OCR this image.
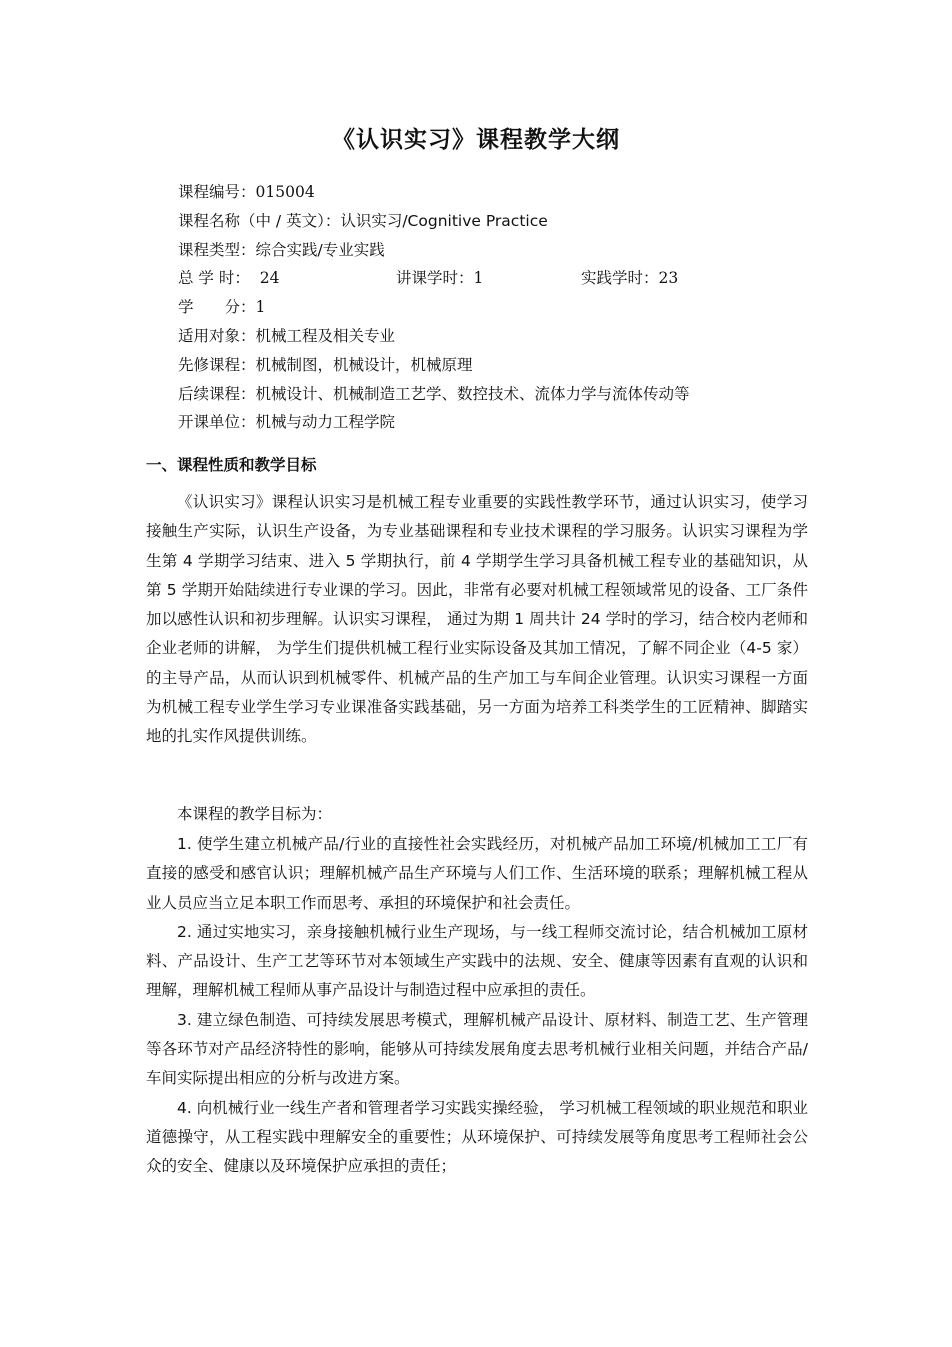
《认识实习》课程教学大纲
课程编号：015004
课程名称（中 / 英文）：认识实习/Cognitive Practice
课程类型：综合实践/专业实践
总 学 时： 24	讲课学时：1	实践学时：23
学　　分：1
适用对象：机械工程及相关专业
先修课程：机械制图，机械设计，机械原理
后续课程：机械设计、机械制造工艺学、数控技术、流体力学与流体传动等
开课单位：机械与动力工程学院
一、课程性质和教学目标

《认识实习》课程认识实习是机械工程专业重要的实践性教学环节，通过认识实习，使学习接触生产实际，认识生产设备，为专业基础课程和专业技术课程的学习服务。认识实习课程为学生第 4 学期学习结束、进入 5 学期执行，前 4 学期学生学习具备机械工程专业的基础知识，从第 5 学期开始陆续进行专业课的学习。因此，非常有必要对机械工程领域常见的设备、工厂条件加以感性认识和初步理解。认识实习课程， 通过为期 1 周共计 24 学时的学习，结合校内老师和企业老师的讲解， 为学生们提供机械工程行业实际设备及其加工情况，了解不同企业（4-5 家）的主导产品，从而认识到机械零件、机械产品的生产加工与车间企业管理。认识实习课程一方面为机械工程专业学生学习专业课准备实践基础，另一方面为培养工科类学生的工匠精神、脚踏实地的扎实作风提供训练。

本课程的教学目标为：

1. 使学生建立机械产品/行业的直接性社会实践经历，对机械产品加工环境/机械加工工厂有直接的感受和感官认识；理解机械产品生产环境与人们工作、生活环境的联系；理解机械工程从业人员应当立足本职工作而思考、承担的环境保护和社会责任。

2. 通过实地实习，亲身接触机械行业生产现场，与一线工程师交流讨论，结合机械加工原材料、产品设计、生产工艺等环节对本领域生产实践中的法规、安全、健康等因素有直观的认识和理解，理解机械工程师从事产品设计与制造过程中应承担的责任。

3. 建立绿色制造、可持续发展思考模式，理解机械产品设计、原材料、制造工艺、生产管理等各环节对产品经济特性的影响，能够从可持续发展角度去思考机械行业相关问题，并结合产品/车间实际提出相应的分析与改进方案。

4. 向机械行业一线生产者和管理者学习实践实操经验， 学习机械工程领域的职业规范和职业道德操守，从工程实践中理解安全的重要性；从环境保护、可持续发展等角度思考工程师社会公众的安全、健康以及环境保护应承担的责任；
